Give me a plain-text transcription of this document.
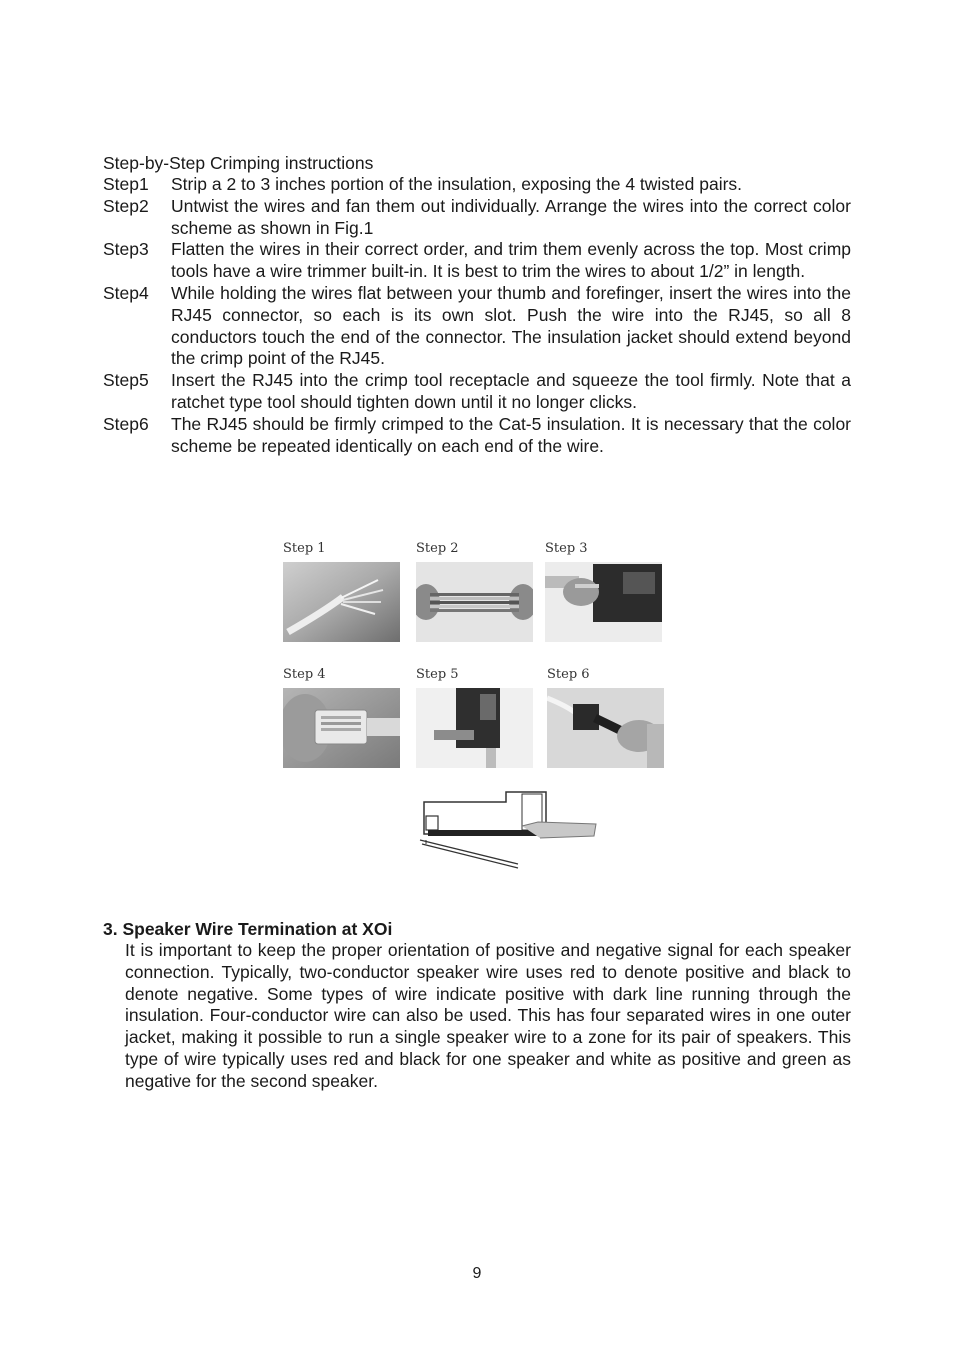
Step-by-Step Crimping instructions
Step1	Strip a 2 to 3 inches portion of the insulation, exposing the 4 twisted pairs.
Step2	Untwist the wires and fan them out individually. Arrange the wires into the correct color scheme as shown in Fig.1
Step3	Flatten the wires in their correct order, and trim them evenly across the top. Most crimp tools have a wire trimmer built-in. It is best to trim the wires to about 1/2” in length.
Step4	While holding the wires flat between your thumb and forefinger, insert the wires into the RJ45 connector, so each is its own slot. Push the wire into the RJ45, so all 8 conductors touch the end of the connector. The insulation jacket should extend beyond the crimp point of the RJ45.
Step5	Insert the RJ45 into the crimp tool receptacle and squeeze the tool firmly. Note that a ratchet type tool should tighten down until it no longer clicks.
Step6	The RJ45 should be firmly crimped to the Cat-5 insulation. It is necessary that the color scheme be repeated identically on each end of the wire.
Step 1	Step 2	Step 3
Step 4	Step 5	Step 6
3. Speaker Wire Termination at XOi
It is important to keep the proper orientation of positive and negative signal for each speaker connection. Typically, two-conductor speaker wire uses red to denote positive and black to denote negative. Some types of wire indicate positive with dark line running through the insulation. Four-conductor wire can also be used. This has four separated wires in one outer jacket, making it possible to run a single speaker wire to a zone for its pair of speakers. This type of wire typically uses red and black for one speaker and white as positive and green as negative for the second speaker.
9
